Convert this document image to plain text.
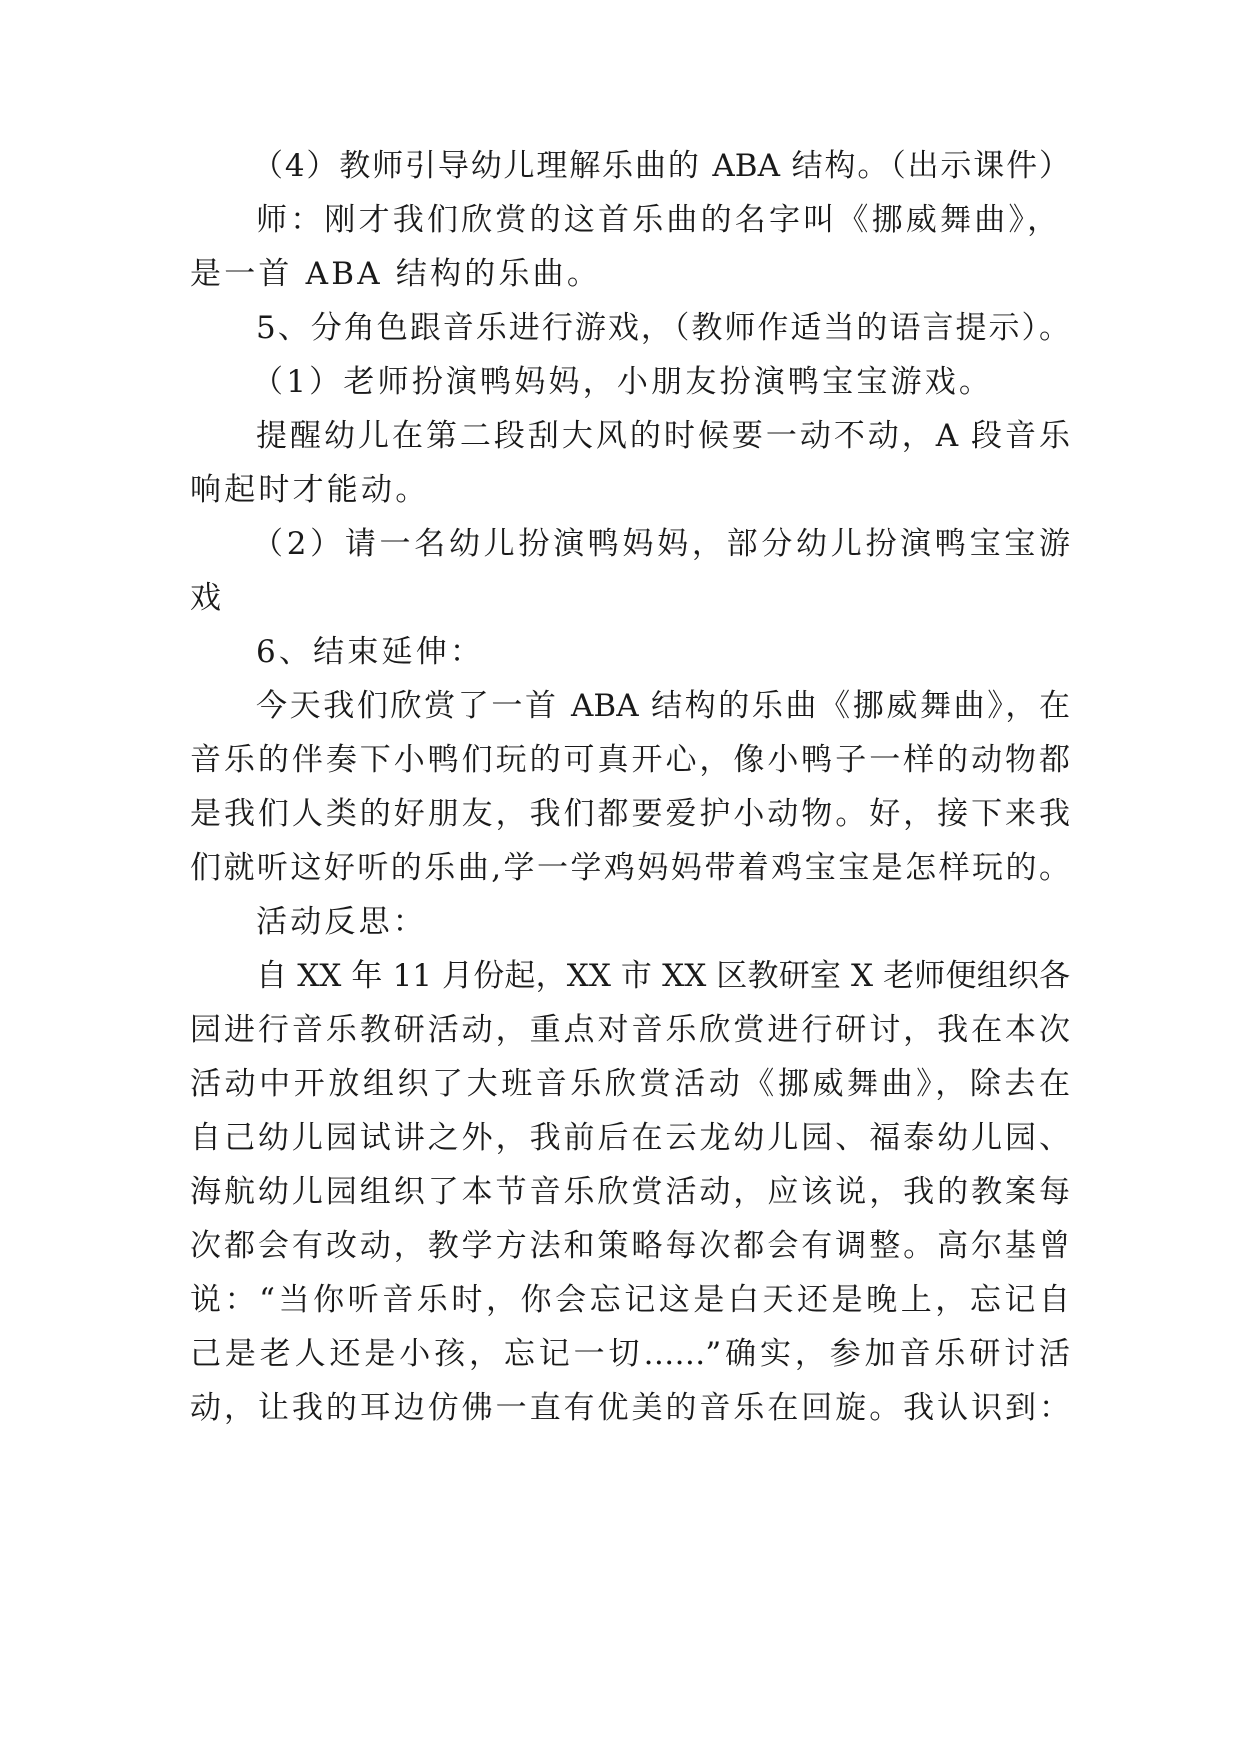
（4）教师引导幼儿理解乐曲的 ABA 结构。（出示课件）
师：刚才我们欣赏的这首乐曲的名字叫《挪威舞曲》，
是一首 ABA 结构的乐曲。
5、分角色跟音乐进行游戏，（教师作适当的语言提示）。
（1）老师扮演鸭妈妈，小朋友扮演鸭宝宝游戏。
提醒幼儿在第二段刮大风的时候要一动不动，A 段音乐
响起时才能动。
（2）请一名幼儿扮演鸭妈妈，部分幼儿扮演鸭宝宝游
戏
6、结束延伸：
今天我们欣赏了一首 ABA 结构的乐曲《挪威舞曲》，在
音乐的伴奏下小鸭们玩的可真开心，像小鸭子一样的动物都
是我们人类的好朋友，我们都要爱护小动物。好，接下来我
们就听这好听的乐曲,学一学鸡妈妈带着鸡宝宝是怎样玩的。
活动反思：
自 XX 年 11 月份起，XX 市 XX 区教研室 X 老师便组织各
园进行音乐教研活动，重点对音乐欣赏进行研讨，我在本次
活动中开放组织了大班音乐欣赏活动《挪威舞曲》，除去在
自己幼儿园试讲之外，我前后在云龙幼儿园、福泰幼儿园、
海航幼儿园组织了本节音乐欣赏活动，应该说，我的教案每
次都会有改动，教学方法和策略每次都会有调整。高尔基曾
说：“当你听音乐时，你会忘记这是白天还是晚上，忘记自
己是老人还是小孩，忘记一切……”确实，参加音乐研讨活
动，让我的耳边仿佛一直有优美的音乐在回旋。我认识到：
